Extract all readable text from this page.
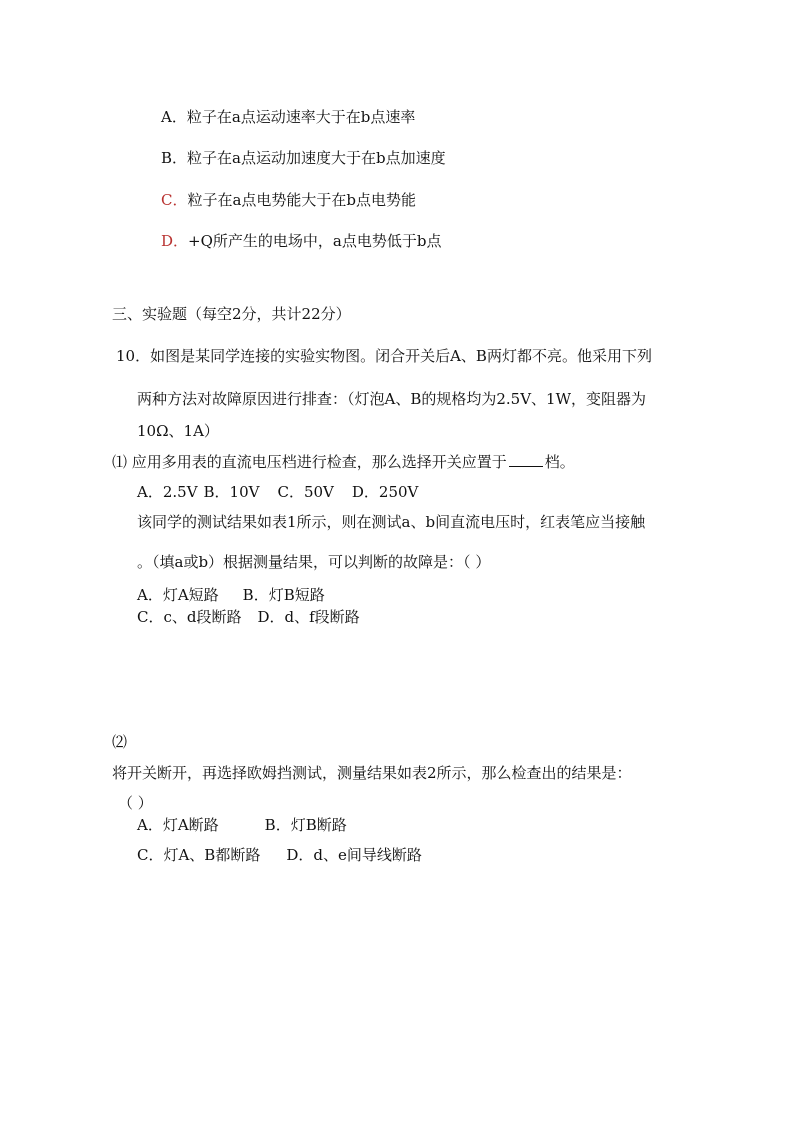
A．粒子在a点运动速率大于在b点速率
B．粒子在a点运动加速度大于在b点加速度
C．粒子在a点电势能大于在b点电势能
D．+Q所产生的电场中，a点电势低于b点
三、实验题（每空2分，共计22分）
10．如图是某同学连接的实验实物图。闭合开关后A、B两灯都不亮。他采用下列
两种方法对故障原因进行排查：（灯泡A、B的规格均为2.5V、1W，变阻器为
10Ω、1A）
⑴ 应用多用表的直流电压档进行检查，那么选择开关应置于	档。
A．2.5V B．10V C．50V D．250V
该同学的测试结果如表1所示，则在测试a、b间直流电压时，红表笔应当接触
。（填a或b）根据测量结果，可以判断的故障是：（ ）
A．灯A短路 B．灯B短路
C．c、d段断路 D．d、f段断路
⑵
将开关断开，再选择欧姆挡测试，测量结果如表2所示，那么检查出的结果是：
（ ）
A．灯A断路	B．灯B断路
C．灯A、B都断路 D．d、e间导线断路
